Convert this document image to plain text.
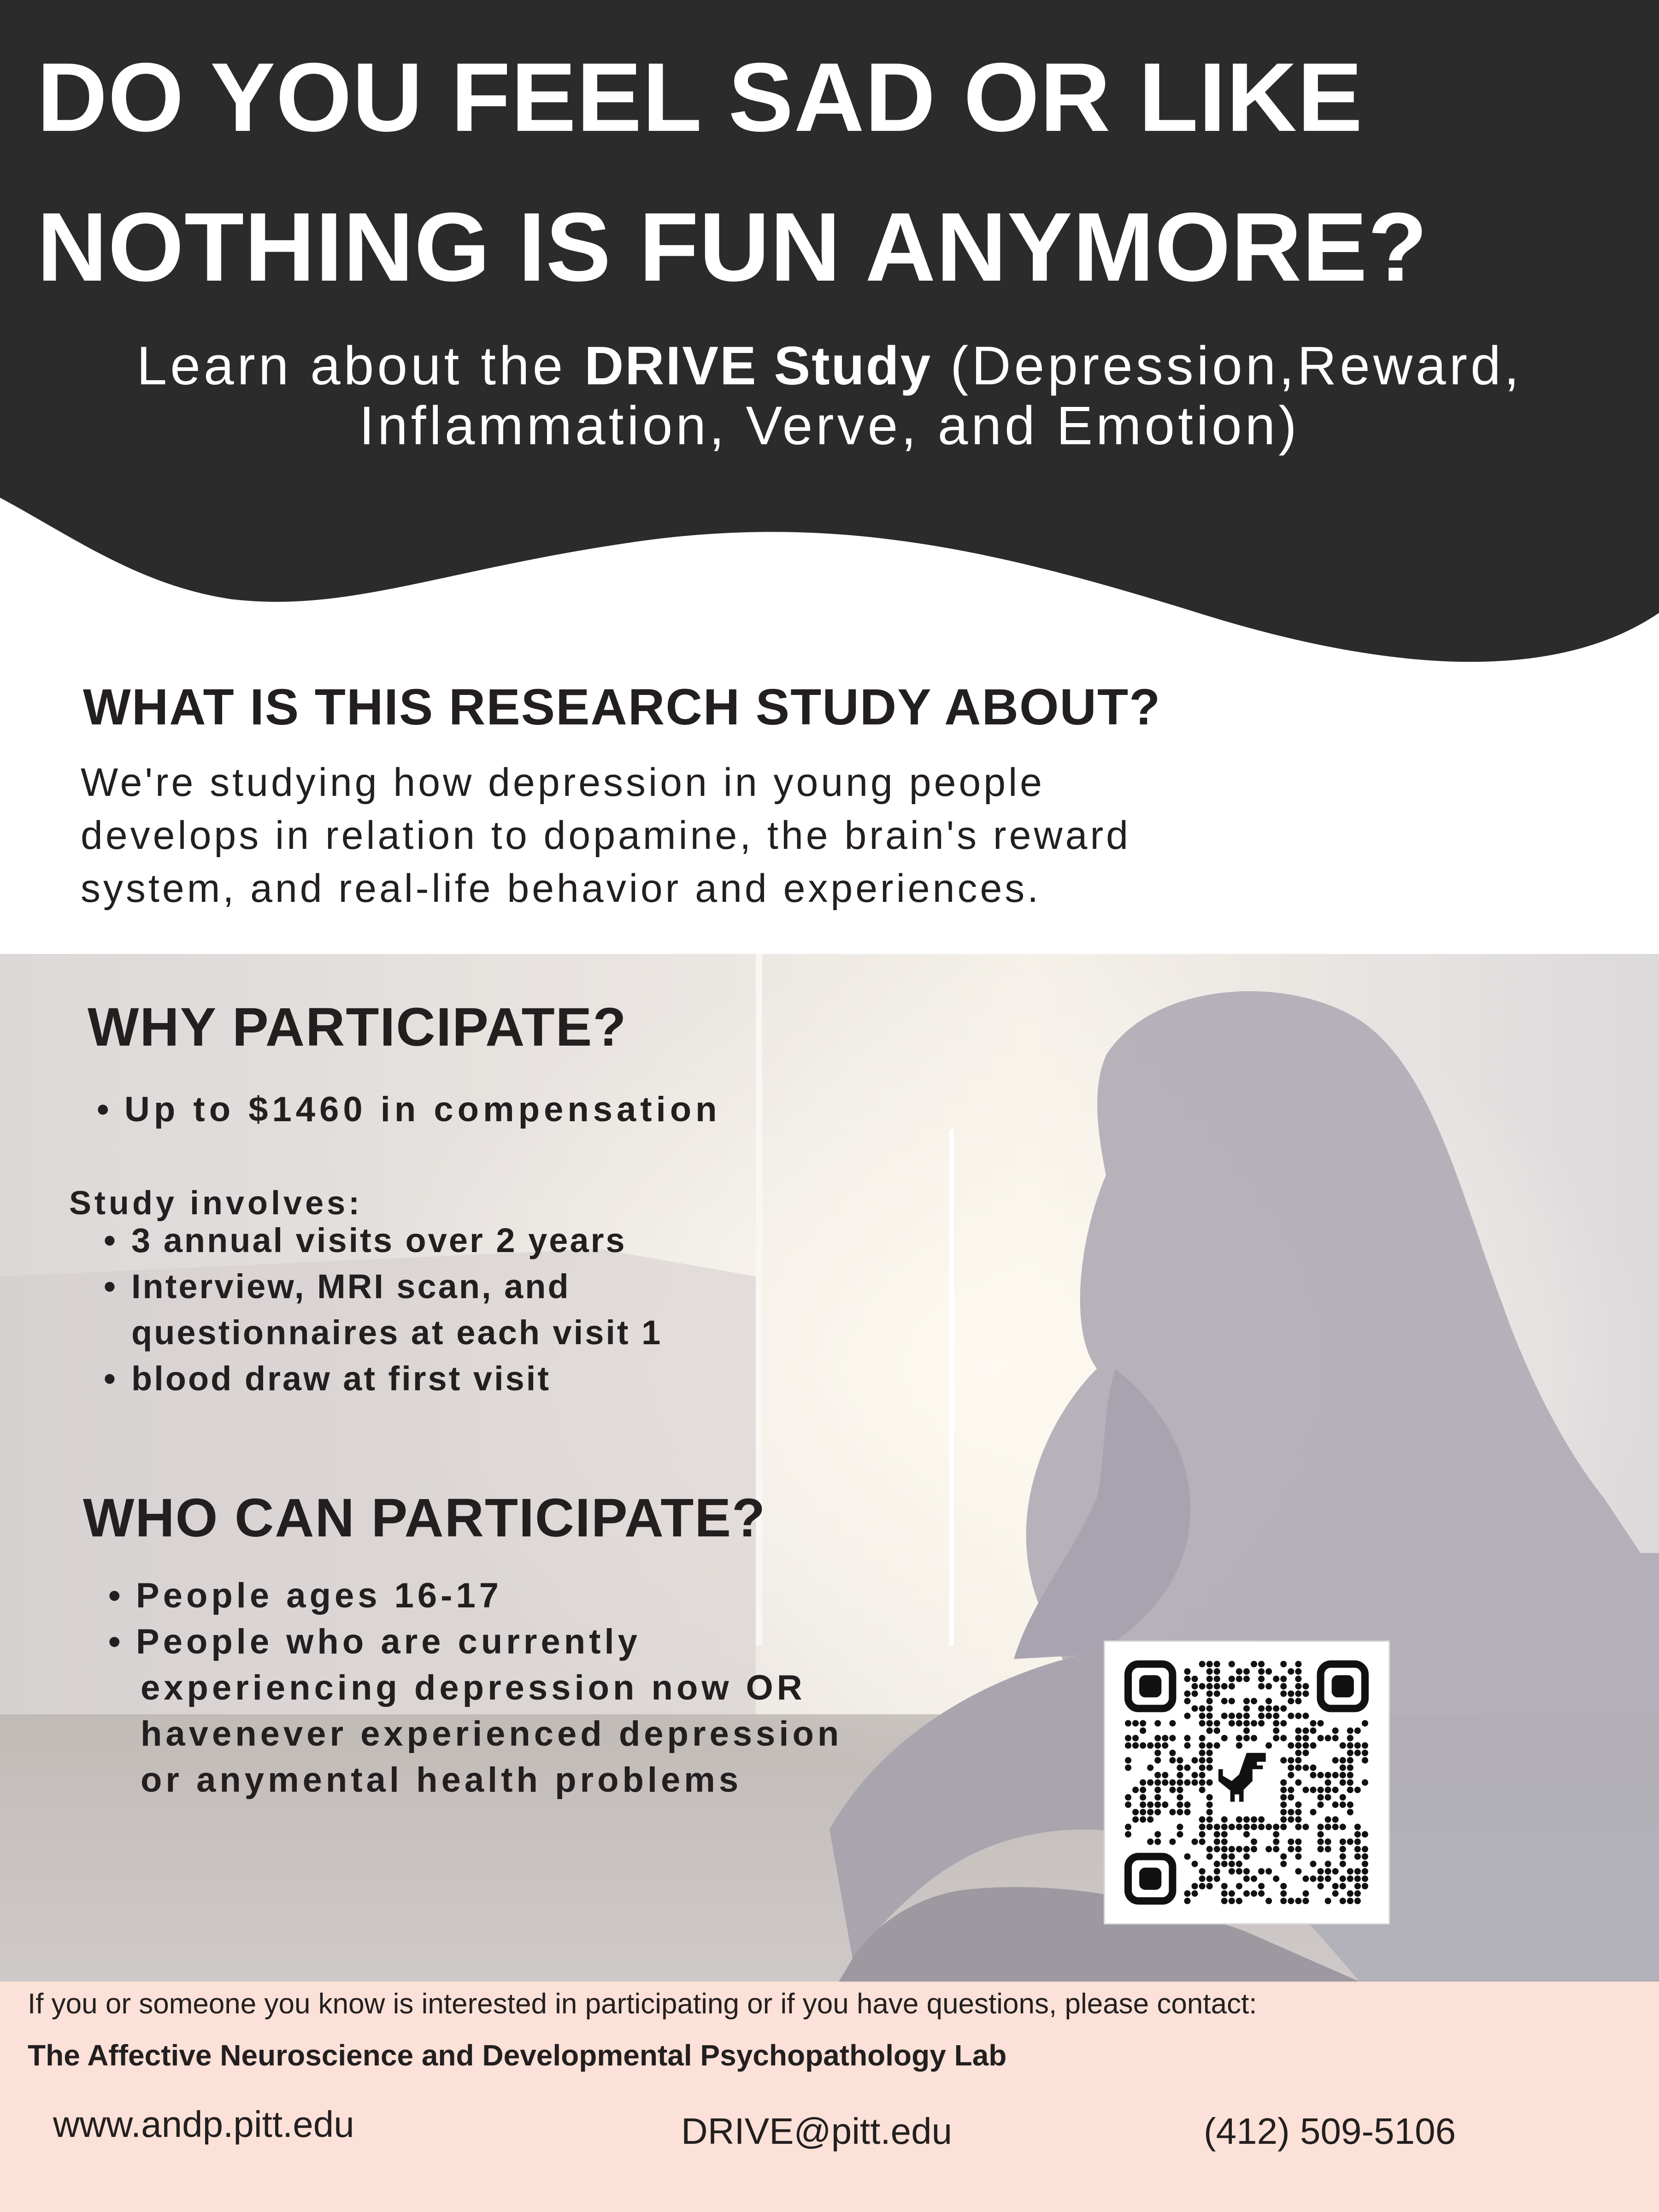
DO YOU FEEL SAD OR LIKE
NOTHING IS FUN ANYMORE?

Learn about the DRIVE Study (Depression,Reward,

Inflammation, Verve, and Emotion)

WHAT IS THIS RESEARCH STUDY ABOUT?

We're studying how depression in young people

develops in relation to dopamine, the brain's reward

system, and real-life behavior and experiences.

WHY PARTICIPATE?

• Up to $1460 in compensation

Study involves:

• 3 annual visits over 2 years

• Interview, MRI scan, and

questionnaires at each visit 1

• blood draw at first visit

WHO CAN PARTICIPATE?

• People ages 16-17

• People who are currently

experiencing depression now OR

havenever experienced depression

or anymental health problems

If you or someone you know is interested in participating or if you have questions, please contact:

The Affective Neuroscience and Developmental Psychopathology Lab

www.andp.pitt.edu	DRIVE@pitt.edu	(412) 509-5106
